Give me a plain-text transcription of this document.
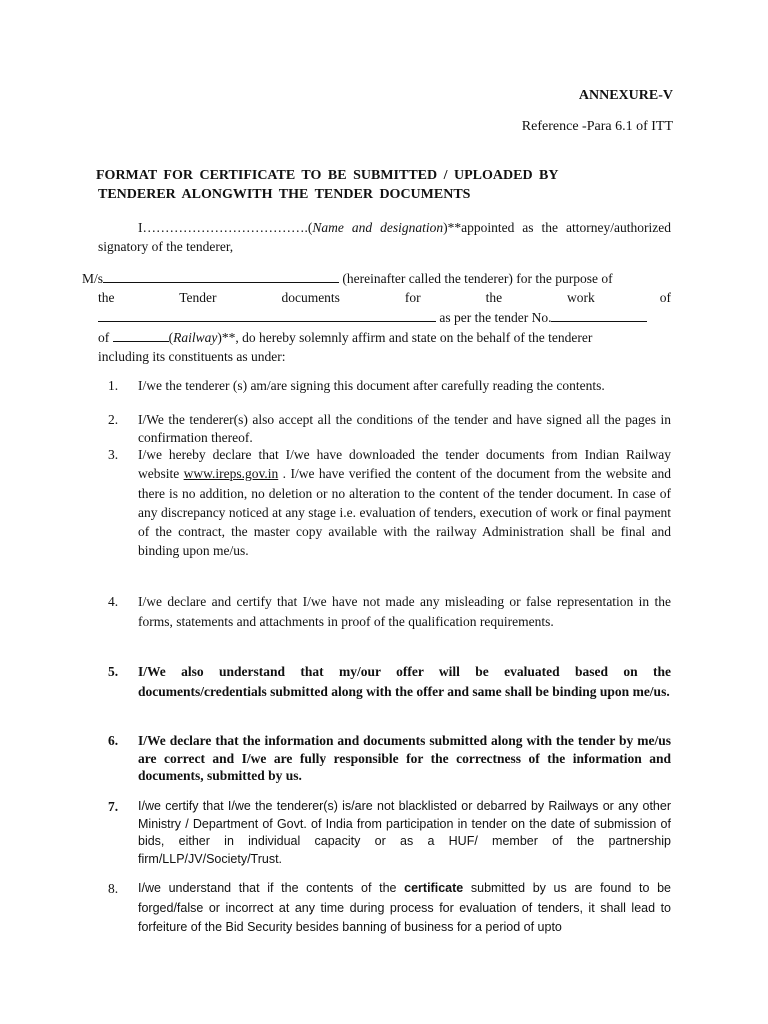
ANNEXURE-V
Reference -Para 6.1 of ITT
FORMAT FOR CERTIFICATE TO BE SUBMITTED / UPLOADED BY
TENDERER ALONGWITH THE TENDER DOCUMENTS
I……………………………….(Name and designation)**appointed as the attorney/authorized signatory of the tenderer,
M/s	(hereinafter called the tenderer) for the purpose of
the Tender documents for the work of
as per the tender No.
of	(Railway)**, do hereby solemnly affirm and state on the behalf of the tenderer
including its constituents as under:
1.	I/we the tenderer (s) am/are signing this document after carefully reading the contents.
2.	I/We the tenderer(s) also accept all the conditions of the tender and have signed all the pages in confirmation thereof.
3.	I/we hereby declare that I/we have downloaded the tender documents from Indian Railway website www.ireps.gov.in . I/we have verified the content of the document from the website and there is no addition, no deletion or no alteration to the content of the tender document. In case of any discrepancy noticed at any stage i.e. evaluation of tenders, execution of work or final payment of the contract, the master copy available with the railway Administration shall be final and binding upon me/us.
4.	I/we declare and certify that I/we have not made any misleading or false representation in the forms, statements and attachments in proof of the qualification requirements.
5.	I/We also understand that my/our offer will be evaluated based on the documents/credentials submitted along with the offer and same shall be binding upon me/us.
6.	I/We declare that the information and documents submitted along with the tender by me/us are correct and I/we are fully responsible for the correctness of the information and documents, submitted by us.
7.	I/we certify that I/we the tenderer(s) is/are not blacklisted or debarred by Railways or any other Ministry / Department of Govt. of India from participation in tender on the date of submission of bids, either in individual capacity or as a HUF/ member of the partnership firm/LLP/JV/Society/Trust.
8.	I/we understand that if the contents of the certificate submitted by us are found to be forged/false or incorrect at any time during process for evaluation of tenders, it shall lead to forfeiture of the Bid Security besides banning of business for a period of upto
